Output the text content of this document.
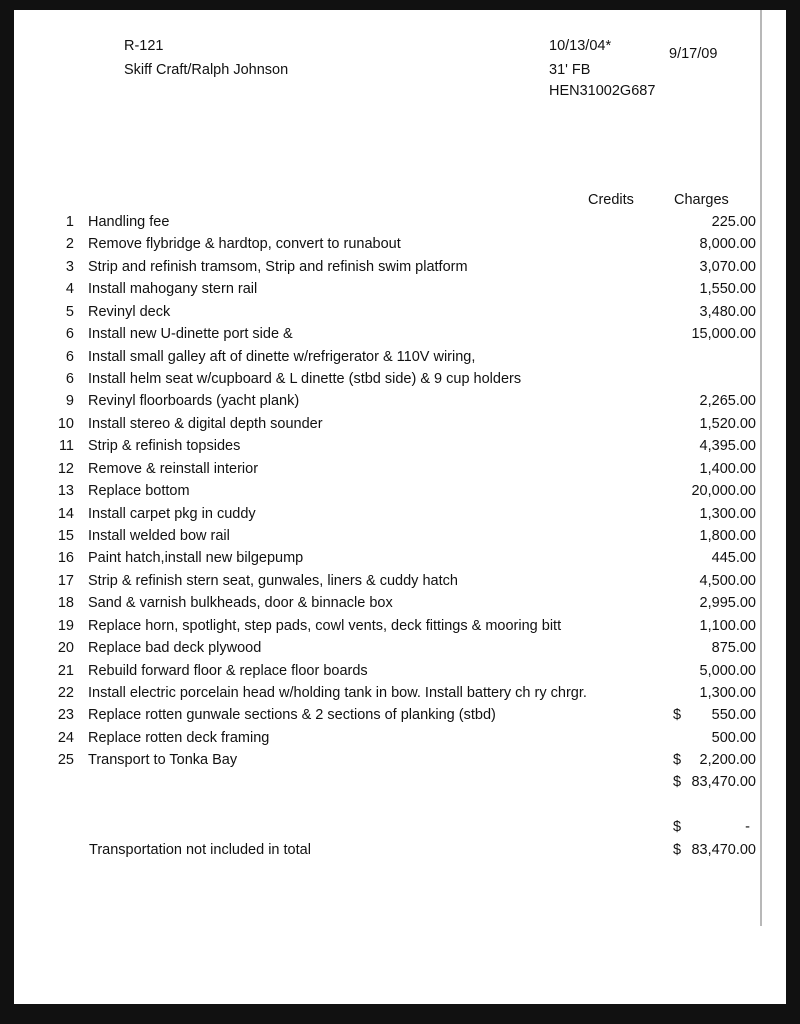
R-121
Skiff Craft/Ralph Johnson
10/13/04*
31' FB
HEN31002G687
9/17/09
Credits	Charges
1 Handling fee	225.00
2 Remove flybridge & hardtop, convert to runabout	8,000.00
3 Strip and refinish tramsom, Strip and refinish swim platform	3,070.00
4 Install mahogany stern rail	1,550.00
5 Revinyl deck	3,480.00
6 Install new U-dinette port side &	15,000.00
6 Install small galley aft of dinette w/refrigerator & 110V wiring,
6 Install helm seat w/cupboard & L dinette (stbd side) & 9 cup holders
9 Revinyl floorboards (yacht plank)	2,265.00
10 Install stereo & digital depth sounder	1,520.00
11 Strip & refinish topsides	4,395.00
12 Remove & reinstall interior	1,400.00
13 Replace bottom	20,000.00
14 Install carpet pkg in cuddy	1,300.00
15 Install welded bow rail	1,800.00
16 Paint hatch,install new bilgepump	445.00
17 Strip & refinish stern seat, gunwales, liners & cuddy hatch	4,500.00
18 Sand & varnish bulkheads, door & binnacle box	2,995.00
19 Replace horn, spotlight, step pads, cowl vents, deck fittings & mooring bitt	1,100.00
20 Replace bad deck plywood	875.00
21 Rebuild forward floor & replace floor boards	5,000.00
22 Install electric porcelain head w/holding tank in bow. Install battery ch ry chrgr.	1,300.00
23 Replace rotten gunwale sections & 2 sections of planking (stbd)	$	550.00
24 Replace rotten deck framing	500.00
25 Transport to Tonka Bay	$	2,200.00
$ 83,470.00
$	-
Transportation not included in total	$ 83,470.00
